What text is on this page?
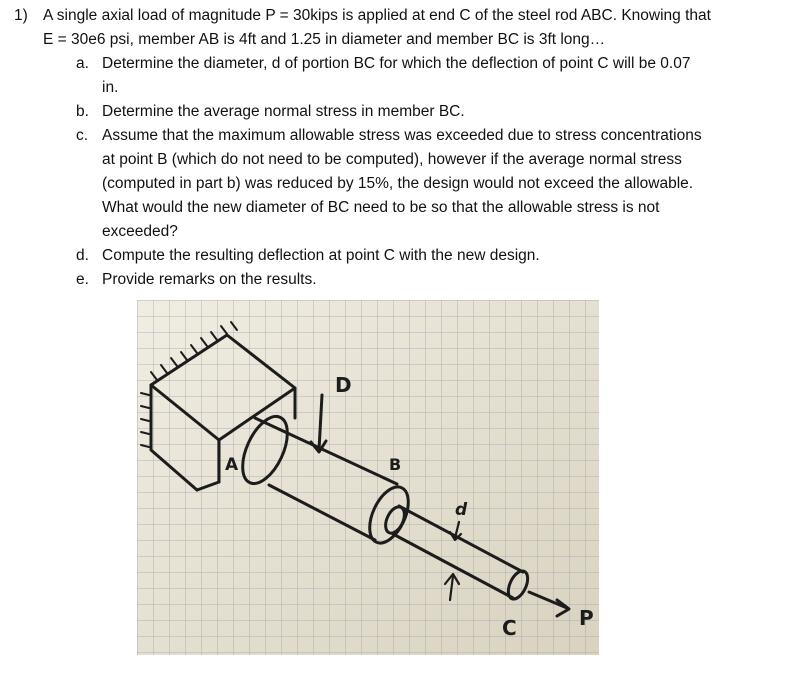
1) A single axial load of magnitude P = 30kips is applied at end C of the steel rod ABC. Knowing that
E = 30e6 psi, member AB is 4ft and 1.25 in diameter and member BC is 3ft long…
a. Determine the diameter, d of portion BC for which the deflection of point C will be 0.07
in.
b. Determine the average normal stress in member BC.
c. Assume that the maximum allowable stress was exceeded due to stress concentrations
at point B (which do not need to be computed), however if the average normal stress
(computed in part b) was reduced by 15%, the design would not exceed the allowable.
What would the new diameter of BC need to be so that the allowable stress is not
exceeded?
d. Compute the resulting deflection at point C with the new design.
e. Provide remarks on the results.
A
D
B
d
C	P
